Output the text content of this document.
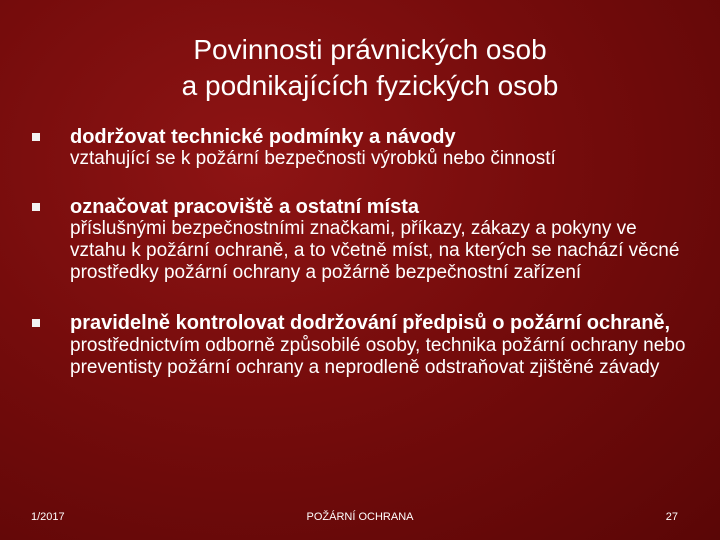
Povinnosti právnických osob
a podnikajících fyzických osob
dodržovat technické podmínky a návody
vztahující se k požární bezpečnosti výrobků nebo činností
označovat pracoviště a ostatní místa
příslušnými bezpečnostními značkami, příkazy, zákazy a pokyny ve vztahu k požární ochraně, a to včetně míst, na kterých se nachází věcné prostředky požární ochrany a požárně bezpečnostní zařízení
pravidelně kontrolovat dodržování předpisů o požární ochraně, prostřednictvím odborně způsobilé osoby, technika požární ochrany nebo preventisty požární ochrany a neprodleně odstraňovat zjištěné závady
1/2017	POŽÁRNÍ OCHRANA	27
